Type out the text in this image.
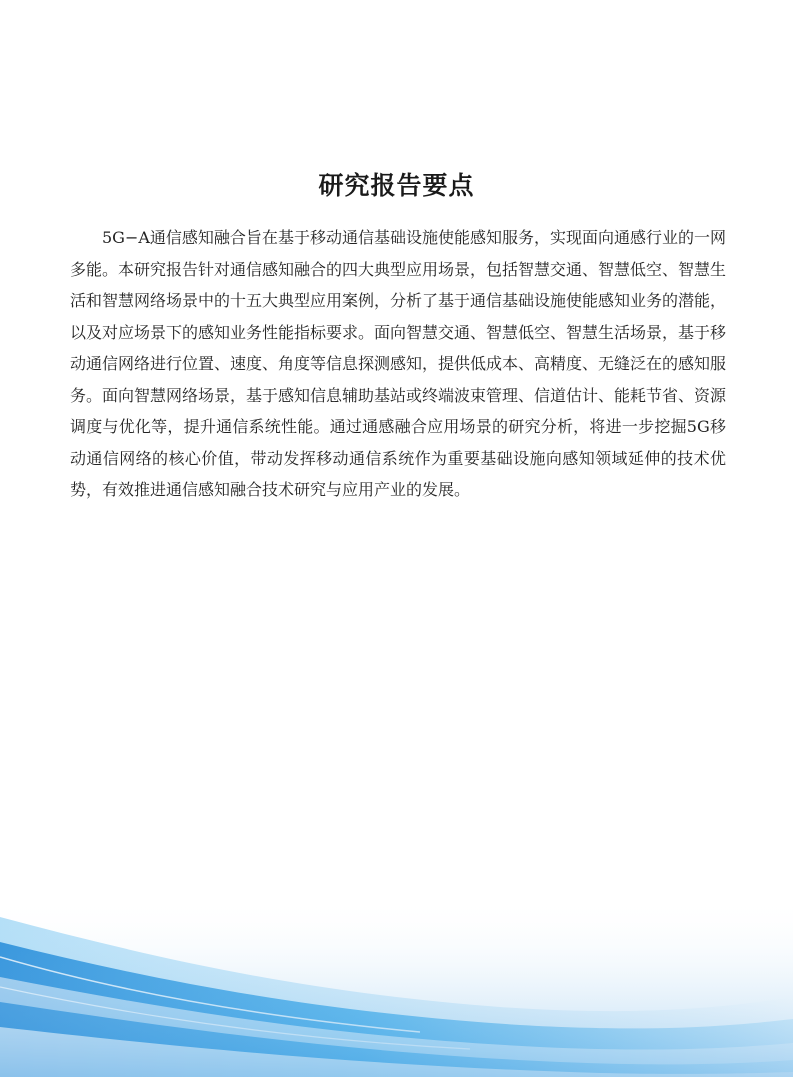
研究报告要点

5G−A通信感知融合旨在基于移动通信基础设施使能感知服务，实现面向通感行业的一网多能。本研究报告针对通信感知融合的四大典型应用场景，包括智慧交通、智慧低空、智慧生活和智慧网络场景中的十五大典型应用案例，分析了基于通信基础设施使能感知业务的潜能，以及对应场景下的感知业务性能指标要求。面向智慧交通、智慧低空、智慧生活场景，基于移动通信网络进行位置、速度、角度等信息探测感知，提供低成本、高精度、无缝泛在的感知服务。面向智慧网络场景，基于感知信息辅助基站或终端波束管理、信道估计、能耗节省、资源调度与优化等，提升通信系统性能。通过通感融合应用场景的研究分析，将进一步挖掘5G移动通信网络的核心价值，带动发挥移动通信系统作为重要基础设施向感知领域延伸的技术优势，有效推进通信感知融合技术研究与应用产业的发展。
